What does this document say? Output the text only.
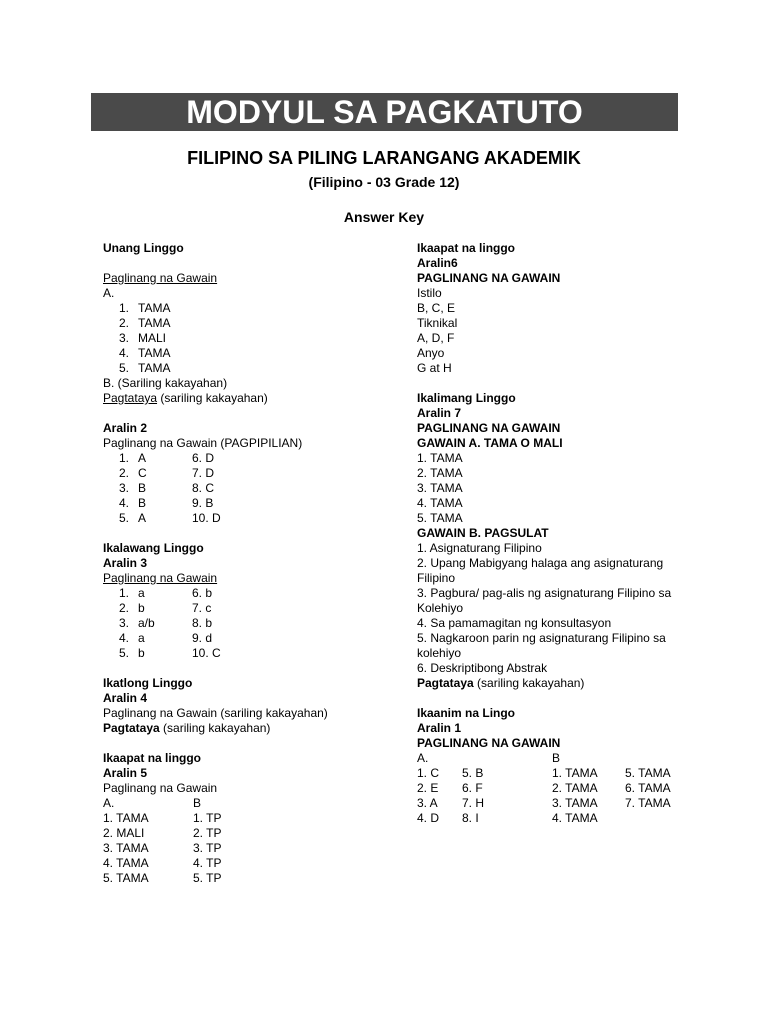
MODYUL SA PAGKATUTO
FILIPINO SA PILING LARANGANG AKADEMIK
(Filipino - 03 Grade 12)
Answer Key
Unang Linggo
Paglinang na Gawain
A.
1. TAMA
2. TAMA
3. MALI
4. TAMA
5. TAMA
B. (Sariling kakayahan)
Pagtataya (sariling kakayahan)
Aralin 2
Paglinang na Gawain (PAGPIPILIAN)
1. A	6. D
2. C	7. D
3. B	8. C
4. B	9. B
5. A	10. D
Ikalawang Linggo
Aralin 3
Paglinang na Gawain
1. a	6. b
2. b	7. c
3. a/b	8. b
4. a	9. d
5. b	10. C
Ikatlong Linggo
Aralin 4
Paglinang na Gawain (sariling kakayahan)
Pagtataya (sariling kakayahan)
Ikaapat na linggo
Aralin 5
Paglinang na Gawain
A.	B
1. TAMA	1. TP
2. MALI	2. TP
3. TAMA	3. TP
4. TAMA	4. TP
5. TAMA	5. TP
Ikaapat na linggo
Aralin6
PAGLINANG NA GAWAIN
Istilo
B, C, E
Tiknikal
A, D, F
Anyo
G at H
Ikalimang Linggo
Aralin 7
PAGLINANG NA GAWAIN
GAWAIN A. TAMA O MALI
1. TAMA
2. TAMA
3. TAMA
4. TAMA
5. TAMA
GAWAIN B. PAGSULAT
1. Asignaturang Filipino
2. Upang Mabigyang halaga ang asignaturang
Filipino
3. Pagbura/ pag-alis ng asignaturang Filipino sa
Kolehiyo
4. Sa pamamagitan ng konsultasyon
5. Nagkaroon parin ng asignaturang Filipino sa
kolehiyo
6. Deskriptibong Abstrak
Pagtataya (sariling kakayahan)
Ikaanim na Lingo
Aralin 1
PAGLINANG NA GAWAIN
A.	B
1. C 5. B	1. TAMA 5. TAMA
2. E 6. F	2. TAMA 6. TAMA
3. A 7. H	3. TAMA 7. TAMA
4. D 8. I	4. TAMA
